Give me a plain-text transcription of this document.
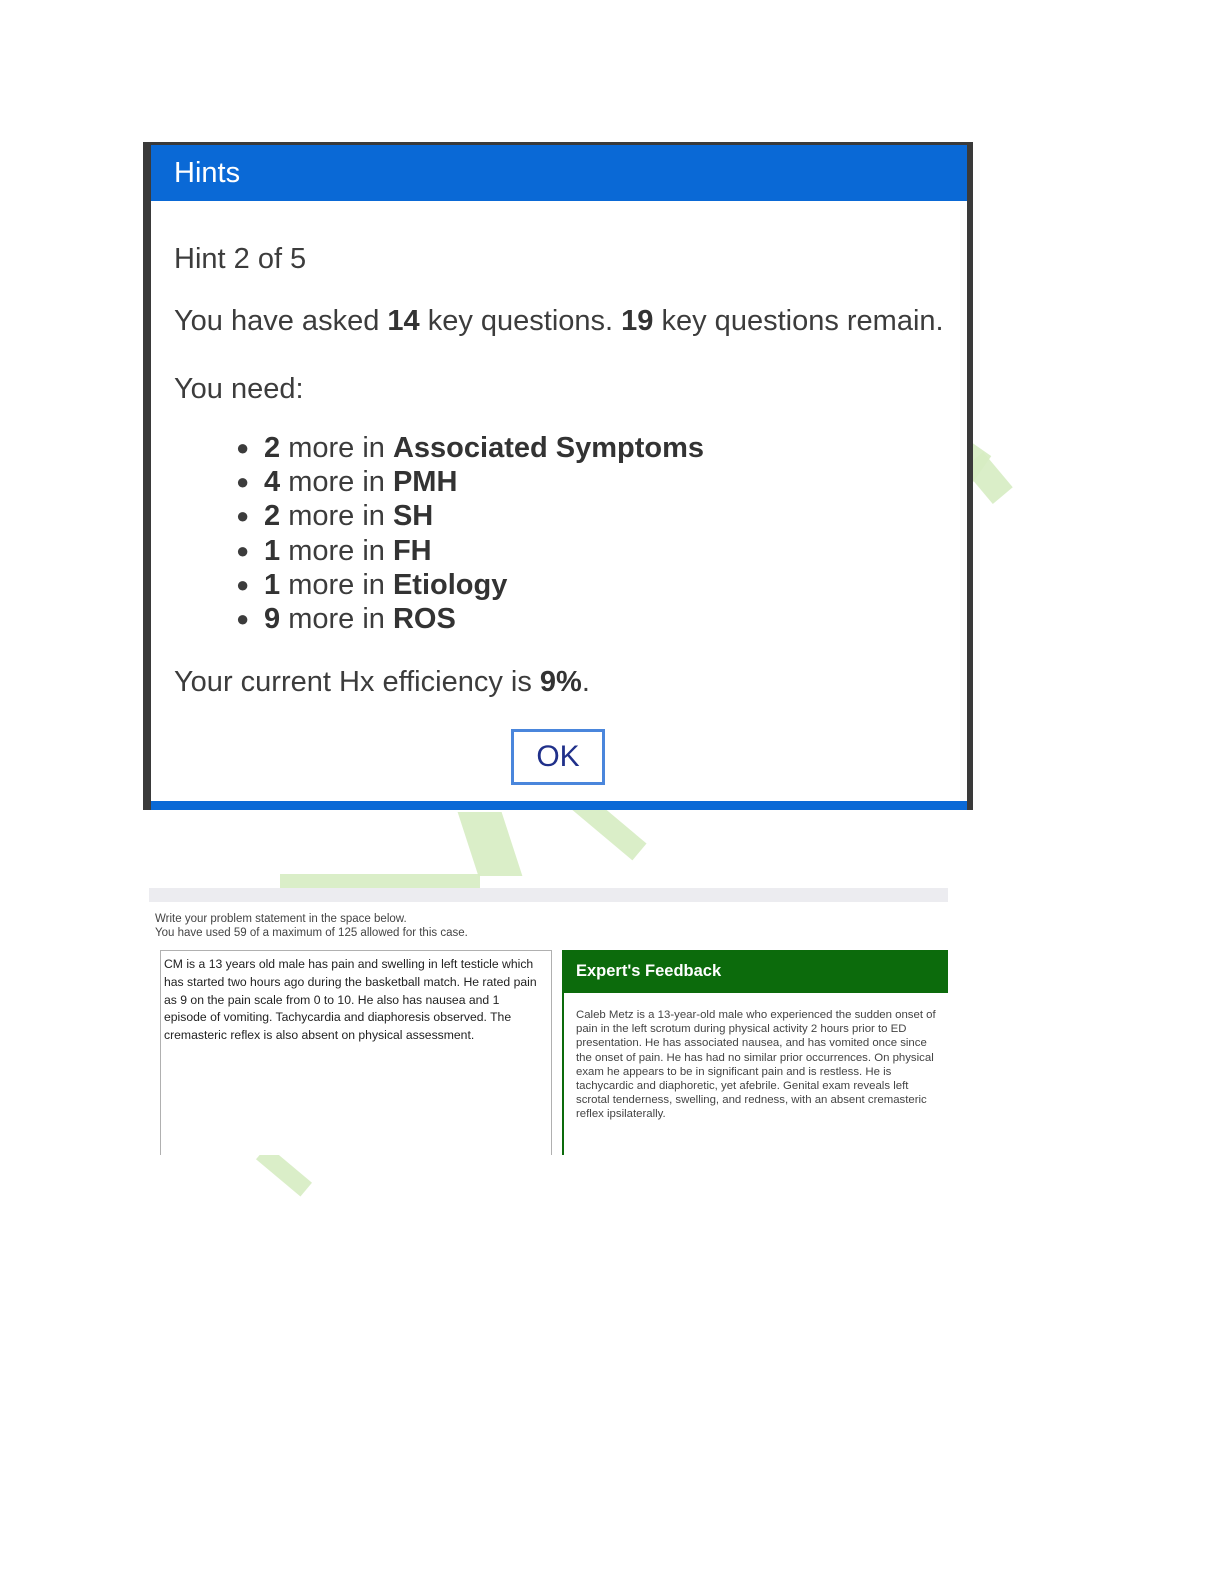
Hints
Hint 2 of 5
You have asked 14 key questions. 19 key questions remain.
You need:
● 2 more in Associated Symptoms
● 4 more in PMH
● 2 more in SH
● 1 more in FH
● 1 more in Etiology
● 9 more in ROS
Your current Hx efficiency is 9%.
OK
Write your problem statement in the space below.
You have used 59 of a maximum of 125 allowed for this case.
CM is a 13 years old male has pain and swelling in left testicle which has started two hours ago during the basketball match. He rated pain as 9 on the pain scale from 0 to 10. He also has nausea and 1 episode of vomiting. Tachycardia and diaphoresis observed. The cremasteric reflex is also absent on physical assessment.
Expert's Feedback
Caleb Metz is a 13-year-old male who experienced the sudden onset of pain in the left scrotum during physical activity 2 hours prior to ED presentation. He has associated nausea, and has vomited once since the onset of pain. He has had no similar prior occurrences. On physical exam he appears to be in significant pain and is restless. He is tachycardic and diaphoretic, yet afebrile. Genital exam reveals left scrotal tenderness, swelling, and redness, with an absent cremasteric reflex ipsilaterally.
